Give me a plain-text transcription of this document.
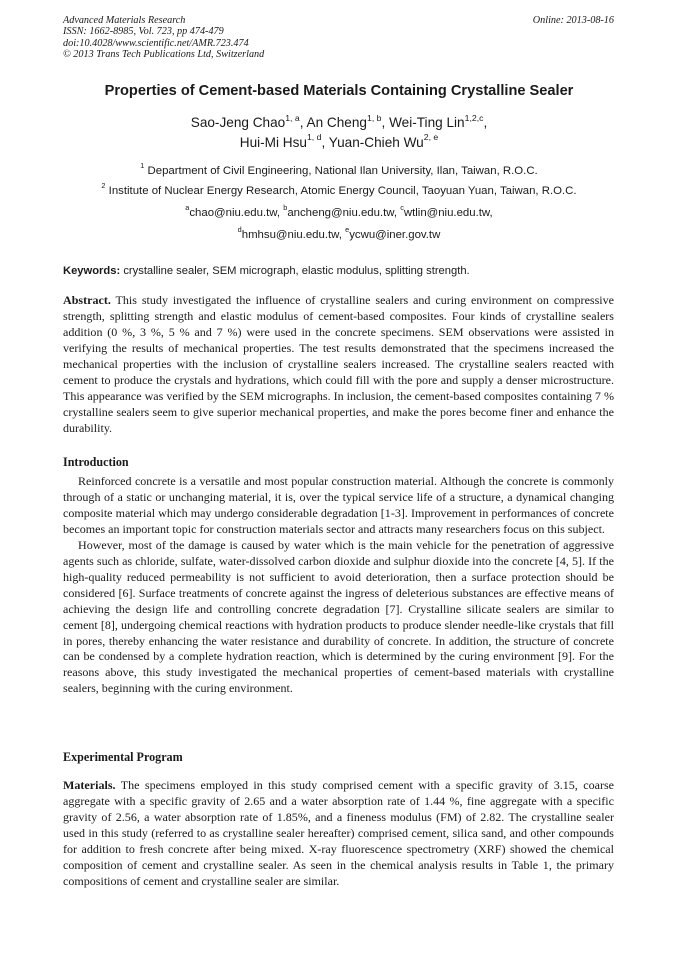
Advanced Materials Research
ISSN: 1662-8985, Vol. 723, pp 474-479
doi:10.4028/www.scientific.net/AMR.723.474
© 2013 Trans Tech Publications Ltd, Switzerland
Online: 2013-08-16
Properties of Cement-based Materials Containing Crystalline Sealer
Sao-Jeng Chao$^{1, a}$, An Cheng$^{1, b}$, Wei-Ting Lin$^{1,2,c}$,
Hui-Mi Hsu$^{1, d}$, Yuan-Chieh Wu$^{2, e}$
$^1$ Department of Civil Engineering, National Ilan University, Ilan, Taiwan, R.O.C.
$^2$ Institute of Nuclear Energy Research, Atomic Energy Council, Taoyuan Yuan, Taiwan, R.O.C.
$^a$chao@niu.edu.tw, $^b$ancheng@niu.edu.tw, $^c$wtlin@niu.edu.tw,
$^d$hmhsu@niu.edu.tw, $^e$ycwu@iner.gov.tw
Keywords: crystalline sealer, SEM micrograph, elastic modulus, splitting strength.
Abstract. This study investigated the influence of crystalline sealers and curing environment on compressive strength, splitting strength and elastic modulus of cement-based composites. Four kinds of crystalline sealers addition (0 %, 3 %, 5 % and 7 %) were used in the concrete specimens. SEM observations were assisted in verifying the results of mechanical properties. The test results demonstrated that the specimens increased the mechanical properties with the inclusion of crystalline sealers increased. The crystalline sealers reacted with cement to produce the crystals and hydrations, which could fill with the pore and supply a denser microstructure. This appearance was verified by the SEM micrographs. In inclusion, the cement-based composites containing 7 % crystalline sealers seem to give superior mechanical properties, and make the pores become finer and enhance the durability.
Introduction
Reinforced concrete is a versatile and most popular construction material. Although the concrete is commonly through of a static or unchanging material, it is, over the typical service life of a structure, a dynamical changing composite material which may undergo considerable degradation [1-3]. Improvement in performances of concrete becomes an important topic for construction materials sector and attracts many researchers focus on this subject.
However, most of the damage is caused by water which is the main vehicle for the penetration of aggressive agents such as chloride, sulfate, water-dissolved carbon dioxide and sulphur dioxide into the concrete [4, 5]. If the high-quality reduced permeability is not sufficient to avoid deterioration, then a surface protection should be considered [6]. Surface treatments of concrete against the ingress of deleterious substances are effective means of achieving the design life and controlling concrete degradation [7]. Crystalline silicate sealers are similar to cement [8], undergoing chemical reactions with hydration products to produce slender needle-like crystals that fill in pores, thereby enhancing the water resistance and durability of concrete. In addition, the structure of concrete can be condensed by a complete hydration reaction, which is determined by the curing environment [9]. For the reasons above, this study investigated the mechanical properties of cement-based materials with crystalline sealers, beginning with the curing environment.
Experimental Program
Materials. The specimens employed in this study comprised cement with a specific gravity of 3.15, coarse aggregate with a specific gravity of 2.65 and a water absorption rate of 1.44 %, fine aggregate with a specific gravity of 2.56, a water absorption rate of 1.85%, and a fineness modulus (FM) of 2.82. The crystalline sealer used in this study (referred to as crystalline sealer hereafter) comprised cement, silica sand, and other compounds for addition to fresh concrete after being mixed. X-ray fluorescence spectrometry (XRF) showed the chemical composition of cement and crystalline sealer. As seen in the chemical analysis results in Table 1, the primary compositions of cement and crystalline sealer are similar.
